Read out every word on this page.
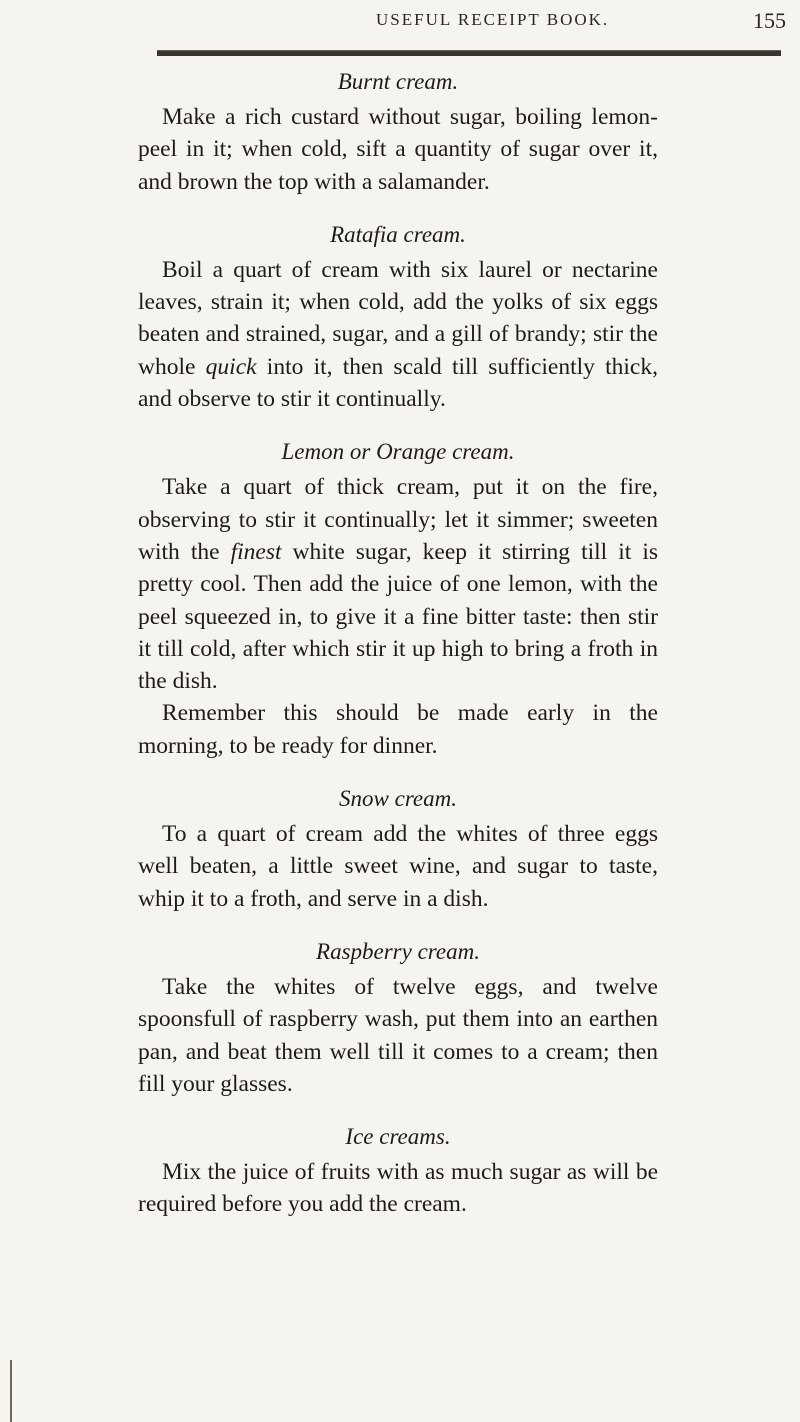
USEFUL RECEIPT BOOK.	155

Burnt cream.

Make a rich custard without sugar, boiling lemon-peel in it; when cold, sift a quantity of sugar over it, and brown the top with a salamander.

Ratafia cream.

Boil a quart of cream with six laurel or nectarine leaves, strain it; when cold, add the yolks of six eggs beaten and strained, sugar, and a gill of brandy; stir the whole quick into it, then scald till sufficiently thick, and observe to stir it continually.

Lemon or Orange cream.

Take a quart of thick cream, put it on the fire, observing to stir it continually; let it simmer; sweeten with the finest white sugar, keep it stirring till it is pretty cool. Then add the juice of one lemon, with the peel squeezed in, to give it a fine bitter taste: then stir it till cold, after which stir it up high to bring a froth in the dish.

Remember this should be made early in the morning, to be ready for dinner.

Snow cream.

To a quart of cream add the whites of three eggs well beaten, a little sweet wine, and sugar to taste, whip it to a froth, and serve in a dish.

Raspberry cream.

Take the whites of twelve eggs, and twelve spoonsfull of raspberry wash, put them into an earthen pan, and beat them well till it comes to a cream; then fill your glasses.

Ice creams.

Mix the juice of fruits with as much sugar as will be required before you add the cream.
